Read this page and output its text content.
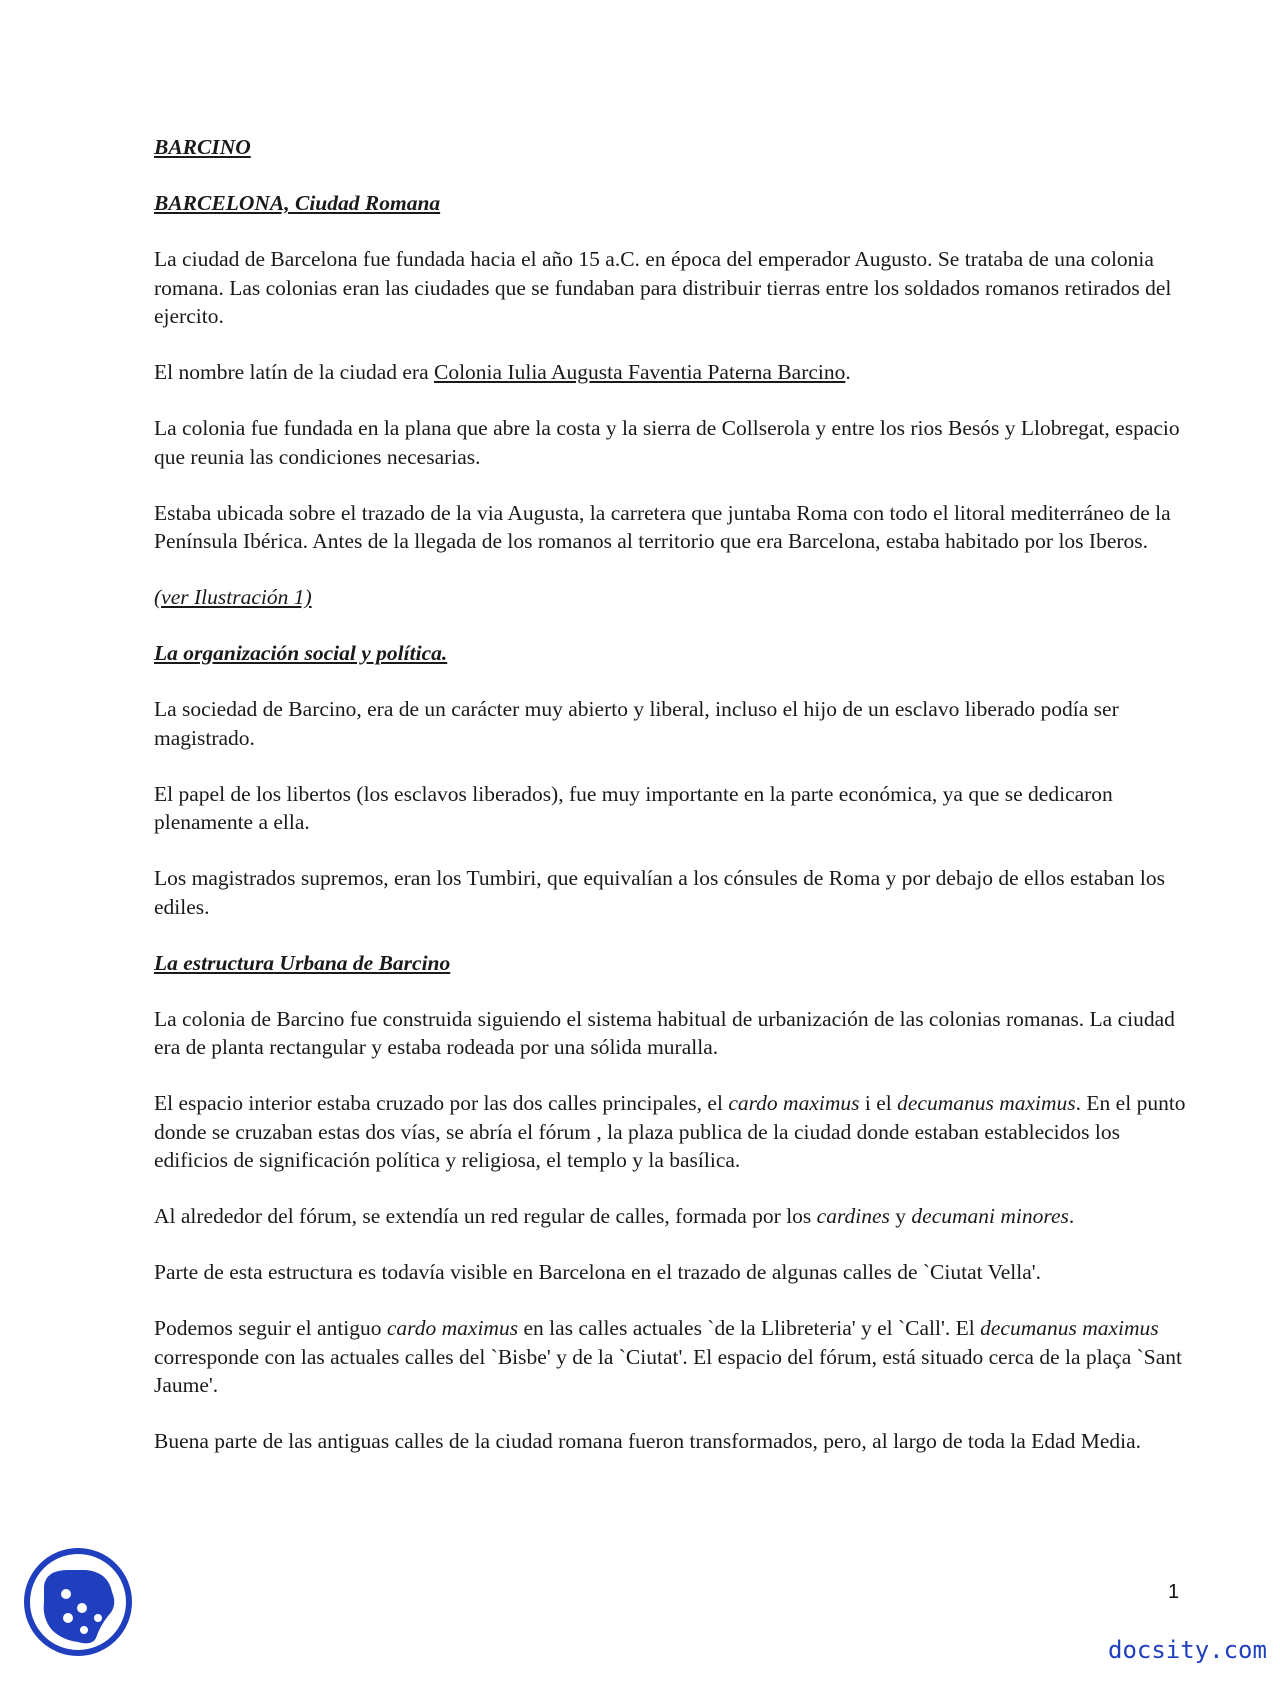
BARCINO

BARCELONA, Ciudad Romana

La ciudad de Barcelona fue fundada hacia el año 15 a.C. en época del emperador Augusto. Se trataba de una colonia romana. Las colonias eran las ciudades que se fundaban para distribuir tierras entre los soldados romanos retirados del ejercito.

El nombre latín de la ciudad era Colonia Iulia Augusta Faventia Paterna Barcino.

La colonia fue fundada en la plana que abre la costa y la sierra de Collserola y entre los rios Besós y Llobregat, espacio que reunia las condiciones necesarias.

Estaba ubicada sobre el trazado de la via Augusta, la carretera que juntaba Roma con todo el litoral mediterráneo de la Península Ibérica. Antes de la llegada de los romanos al territorio que era Barcelona, estaba habitado por los Iberos.

(ver Ilustración 1)

La organización social y política.

La sociedad de Barcino, era de un carácter muy abierto y liberal, incluso el hijo de un esclavo liberado podía ser magistrado.

El papel de los libertos (los esclavos liberados), fue muy importante en la parte económica, ya que se dedicaron plenamente a ella.

Los magistrados supremos, eran los Tumbiri, que equivalían a los cónsules de Roma y por debajo de ellos estaban los ediles.

La estructura Urbana de Barcino

La colonia de Barcino fue construida siguiendo el sistema habitual de urbanización de las colonias romanas. La ciudad era de planta rectangular y estaba rodeada por una sólida muralla.

El espacio interior estaba cruzado por las dos calles principales, el cardo maximus i el decumanus maximus. En el punto donde se cruzaban estas dos vías, se abría el fórum , la plaza publica de la ciudad donde estaban establecidos los edificios de significación política y religiosa, el templo y la basílica.

Al alrededor del fórum, se extendía un red regular de calles, formada por los cardines y decumani minores.

Parte de esta estructura es todavía visible en Barcelona en el trazado de algunas calles de `Ciutat Vella'.

Podemos seguir el antiguo cardo maximus en las calles actuales `de la Llibreteria' y el `Call'. El decumanus maximus corresponde con las actuales calles del `Bisbe' y de la `Ciutat'. El espacio del fórum, está situado cerca de la plaça `Sant Jaume'.

Buena parte de las antiguas calles de la ciudad romana fueron transformados, pero, al largo de toda la Edad Media.

1
docsity.com
